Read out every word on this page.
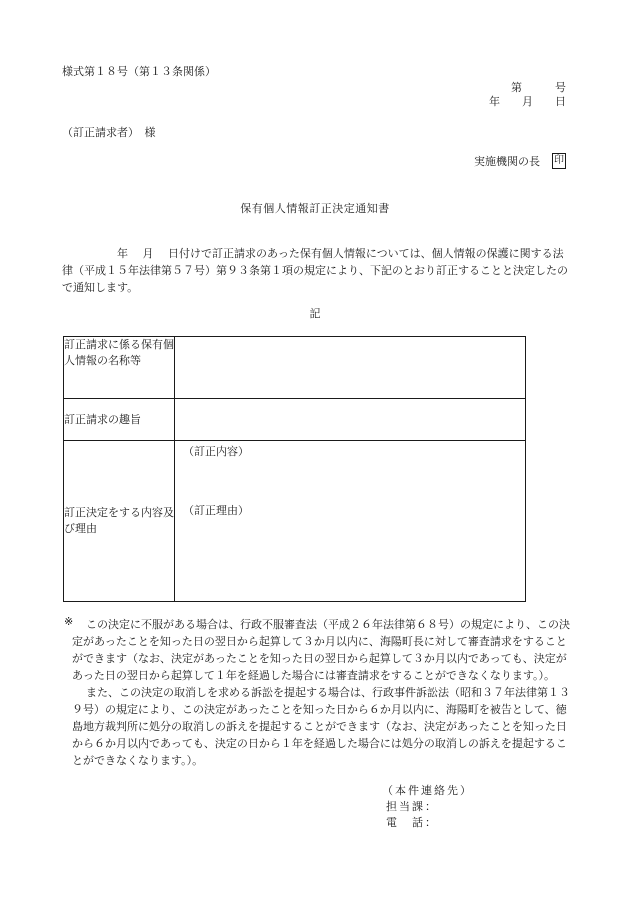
様式第１８号（第１３条関係）
第　　　号
年　　月　　日
（訂正請求者）　様
実施機関の長 印
保有個人情報訂正決定通知書
　　　　　年　 月　 日付けで訂正請求のあった保有個人情報については、個人情報の保護に関する法律（平成１５年法律第５７号）第９３条第１項の規定により、下記のとおり訂正することと決定したので通知します。
記
訂正請求に係る保有個人情報の名称等	
訂正請求の趣旨	
訂正決定をする内容及び理由	（訂正内容）
（訂正理由）
※	この決定に不服がある場合は、行政不服審査法（平成２６年法律第６８号）の規定により、この決定があったことを知った日の翌日から起算して３か月以内に、海陽町長に対して審査請求をすることができます（なお、決定があったことを知った日の翌日から起算して３か月以内であっても、決定があった日の翌日から起算して１年を経過した場合には審査請求をすることができなくなります。）。

また、この決定の取消しを求める訴訟を提起する場合は、行政事件訴訟法（昭和３７年法律第１３９号）の規定により、この決定があったことを知った日から６か月以内に、海陽町を被告として、徳島地方裁判所に処分の取消しの訴えを提起することができます（なお、決定があったことを知った日から６か月以内であっても、決定の日から１年を経過した場合には処分の取消しの訴えを提起することができなくなります。）。

（本件連絡先）
担当課：
電　話：
